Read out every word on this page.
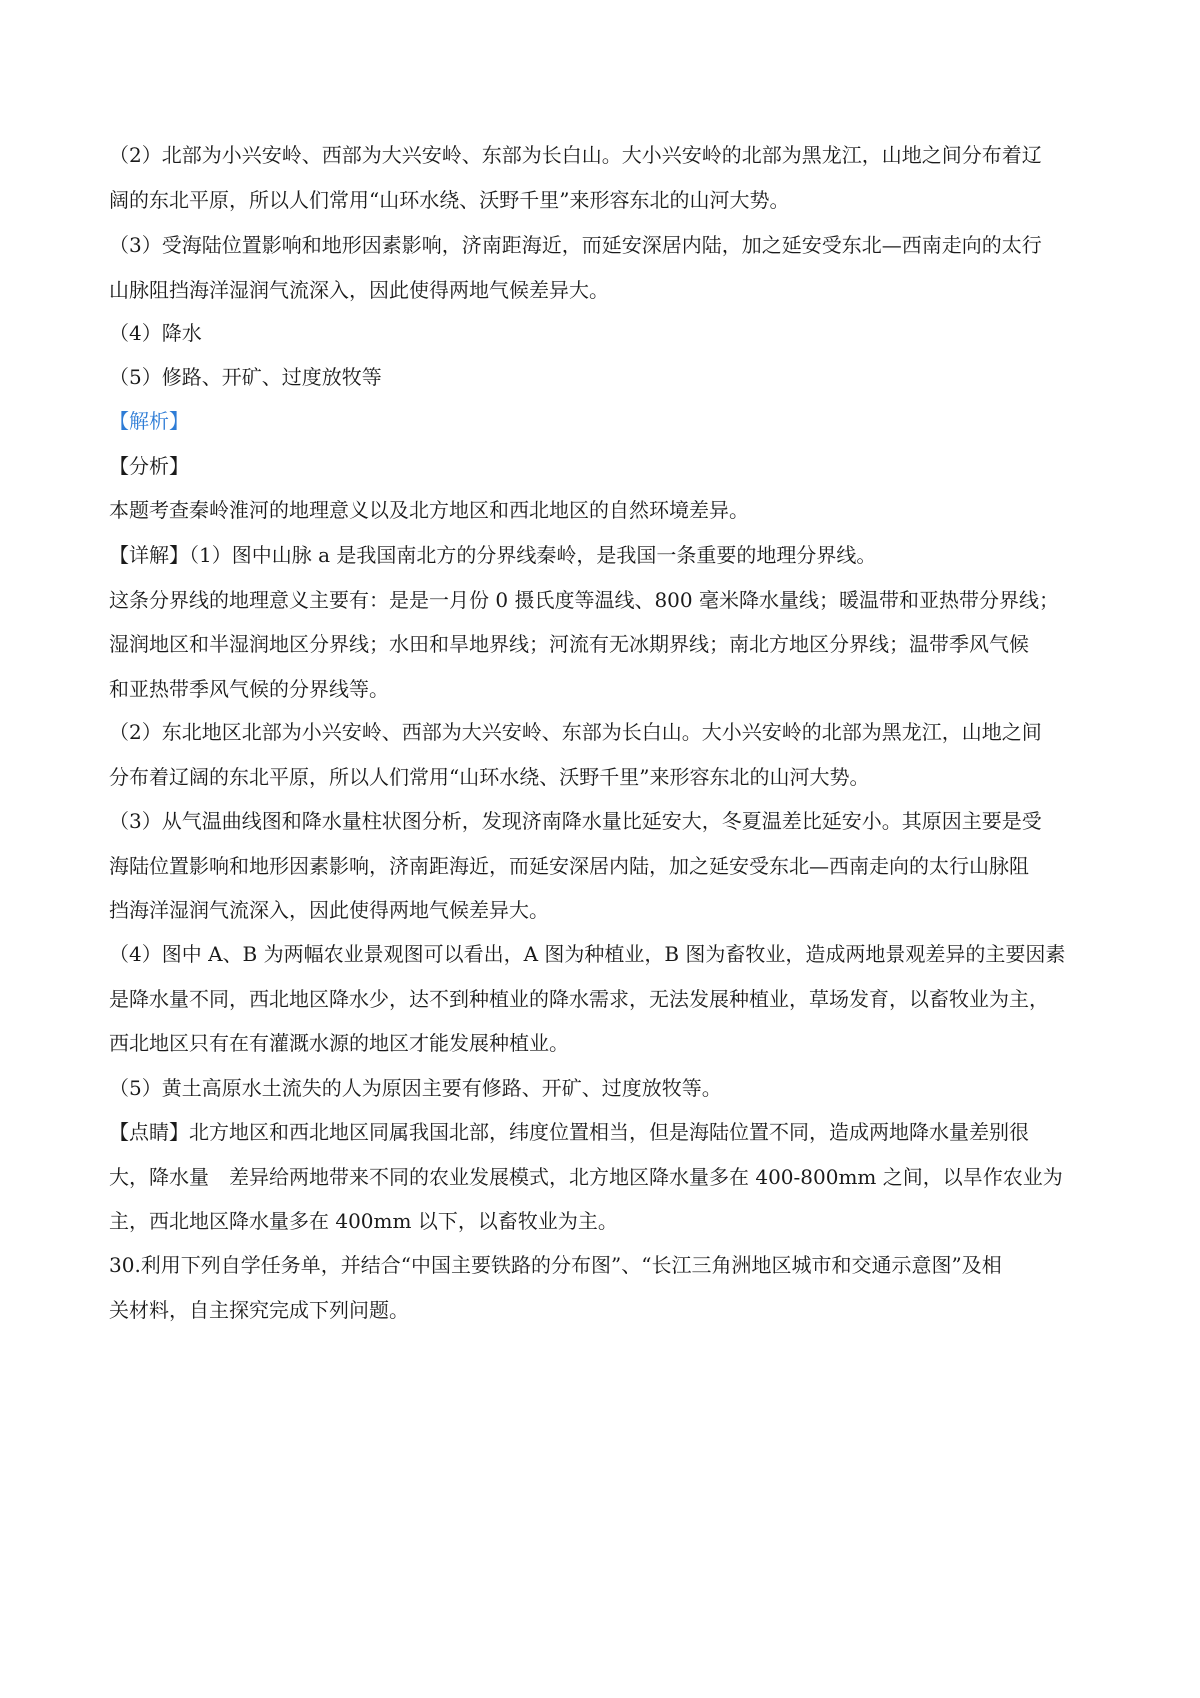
（2）北部为小兴安岭、西部为大兴安岭、东部为长白山。大小兴安岭的北部为黑龙江，山地之间分布着辽
阔的东北平原，所以人们常用“山环水绕、沃野千里”来形容东北的山河大势。
（3）受海陆位置影响和地形因素影响，济南距海近，而延安深居内陆，加之延安受东北—西南走向的太行
山脉阻挡海洋湿润气流深入，因此使得两地气候差异大。
（4）降水
（5）修路、开矿、过度放牧等
【解析】
【分析】
本题考查秦岭淮河的地理意义以及北方地区和西北地区的自然环境差异。
【详解】（1）图中山脉 a 是我国南北方的分界线秦岭，是我国一条重要的地理分界线。
这条分界线的地理意义主要有：是是一月份 0 摄氏度等温线、800 毫米降水量线；暖温带和亚热带分界线；
湿润地区和半湿润地区分界线；水田和旱地界线；河流有无冰期界线；南北方地区分界线；温带季风气候
和亚热带季风气候的分界线等。
（2）东北地区北部为小兴安岭、西部为大兴安岭、东部为长白山。大小兴安岭的北部为黑龙江，山地之间
分布着辽阔的东北平原，所以人们常用“山环水绕、沃野千里”来形容东北的山河大势。
（3）从气温曲线图和降水量柱状图分析，发现济南降水量比延安大，冬夏温差比延安小。其原因主要是受
海陆位置影响和地形因素影响，济南距海近，而延安深居内陆，加之延安受东北—西南走向的太行山脉阻
挡海洋湿润气流深入，因此使得两地气候差异大。
（4）图中 A、B 为两幅农业景观图可以看出，A 图为种植业，B 图为畜牧业，造成两地景观差异的主要因素
是降水量不同，西北地区降水少，达不到种植业的降水需求，无法发展种植业，草场发育，以畜牧业为主，
西北地区只有在有灌溉水源的地区才能发展种植业。
（5）黄土高原水土流失的人为原因主要有修路、开矿、过度放牧等。
【点睛】北方地区和西北地区同属我国北部，纬度位置相当，但是海陆位置不同，造成两地降水量差别很
大，降水量　差异给两地带来不同的农业发展模式，北方地区降水量多在 400-800mm 之间，以旱作农业为
主，西北地区降水量多在 400mm 以下，以畜牧业为主。
30.利用下列自学任务单，并结合“中国主要铁路的分布图”、“长江三角洲地区城市和交通示意图”及相
关材料，自主探究完成下列问题。
